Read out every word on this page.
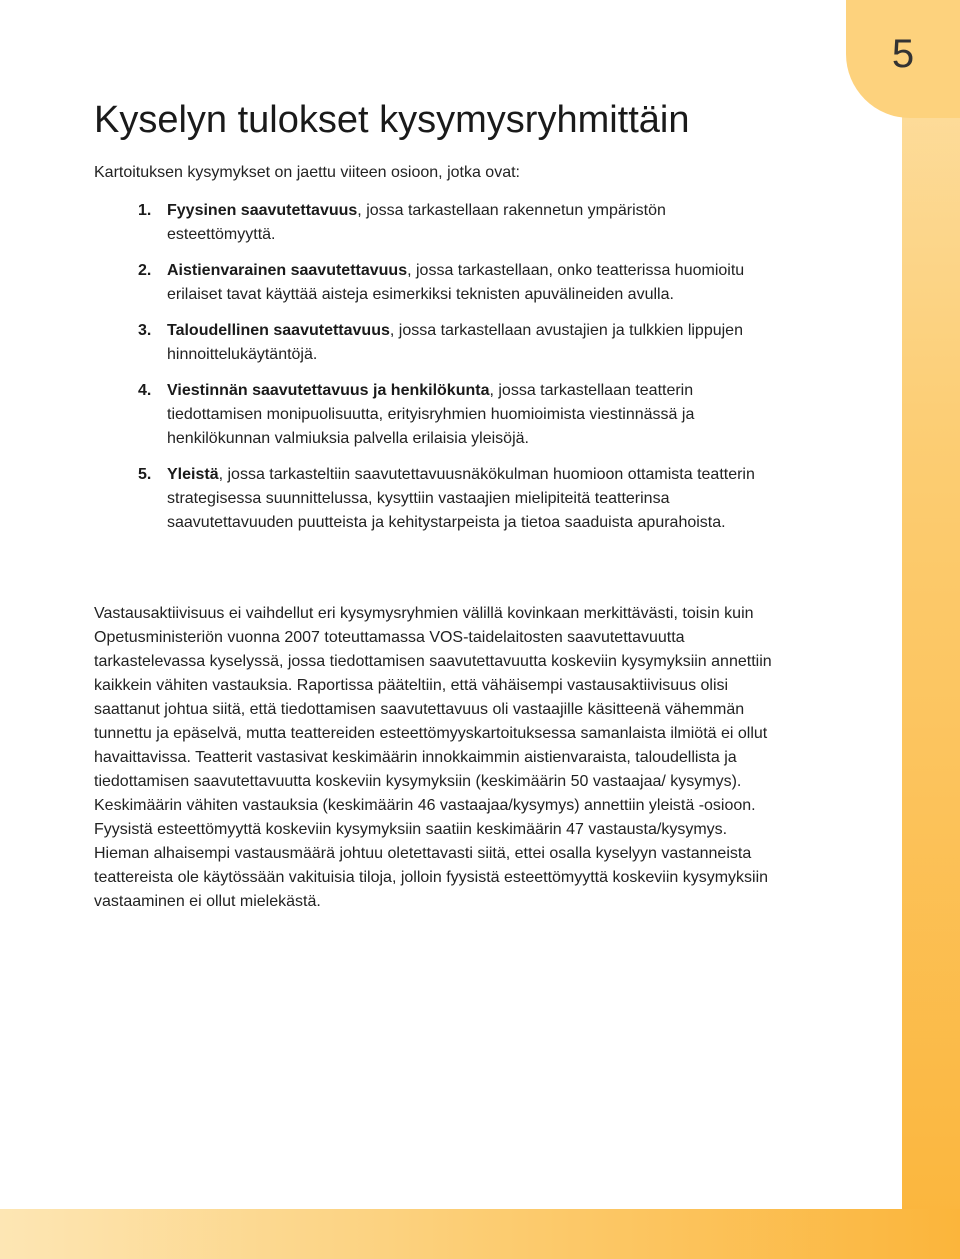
5
Kyselyn tulokset kysymysryhmittäin

Kartoituksen kysymykset on jaettu viiteen osioon, jotka ovat:

1. Fyysinen saavutettavuus, jossa tarkastellaan rakennetun ympäristön esteettömyyttä.
2. Aistienvarainen saavutettavuus, jossa tarkastellaan, onko teatterissa huomioitu erilaiset tavat käyttää aisteja esimerkiksi teknisten apuvälineiden avulla.
3. Taloudellinen saavutettavuus, jossa tarkastellaan avustajien ja tulkkien lippujen hinnoittelukäytäntöjä.
4. Viestinnän saavutettavuus ja henkilökunta, jossa tarkastellaan teatterin tiedottamisen monipuolisuutta, erityisryhmien huomioimista viestinnässä ja henkilökunnan valmiuksia palvella erilaisia yleisöjä.
5. Yleistä, jossa tarkasteltiin saavutettavuusnäkökulman huomioon ottamista teatterin strategisessa suunnittelussa, kysyttiin vastaajien mielipiteitä teatterinsa saavutettavuuden puutteista ja kehitystarpeista ja tietoa saaduista apurahoista.

Vastausaktiivisuus ei vaihdellut eri kysymysryhmien välillä kovinkaan merkittävästi, toisin kuin Opetusministeriön vuonna 2007 toteuttamassa VOS-taidelaitosten saavutettavuutta tarkastelevassa kyselyssä, jossa tiedottamisen saavutettavuutta koskeviin kysymyksiin annettiin kaikkein vähiten vastauksia. Raportissa pääteltiin, että vähäisempi vastausaktiivisuus olisi saattanut johtua siitä, että tiedottamisen saavutettavuus oli vastaajille käsitteenä vähemmän tunnettu ja epäselvä, mutta teattereiden esteettömyyskartoituksessa samanlaista ilmiötä ei ollut havaittavissa. Teatterit vastasivat keskimäärin innokkaimmin aistienvaraista, taloudellista ja tiedottamisen saavutettavuutta koskeviin kysymyksiin (keskimäärin 50 vastaajaa/ kysymys). Keskimäärin vähiten vastauksia (keskimäärin 46 vastaajaa/kysymys) annettiin yleistä -osioon. Fyysistä esteettömyyttä koskeviin kysymyksiin saatiin keskimäärin 47 vastausta/kysymys. Hieman alhaisempi vastausmäärä johtuu oletettavasti siitä, ettei osalla kyselyyn vastanneista teattereista ole käytössään vakituisia tiloja, jolloin fyysistä esteettömyyttä koskeviin kysymyksiin vastaaminen ei ollut mielekästä.
